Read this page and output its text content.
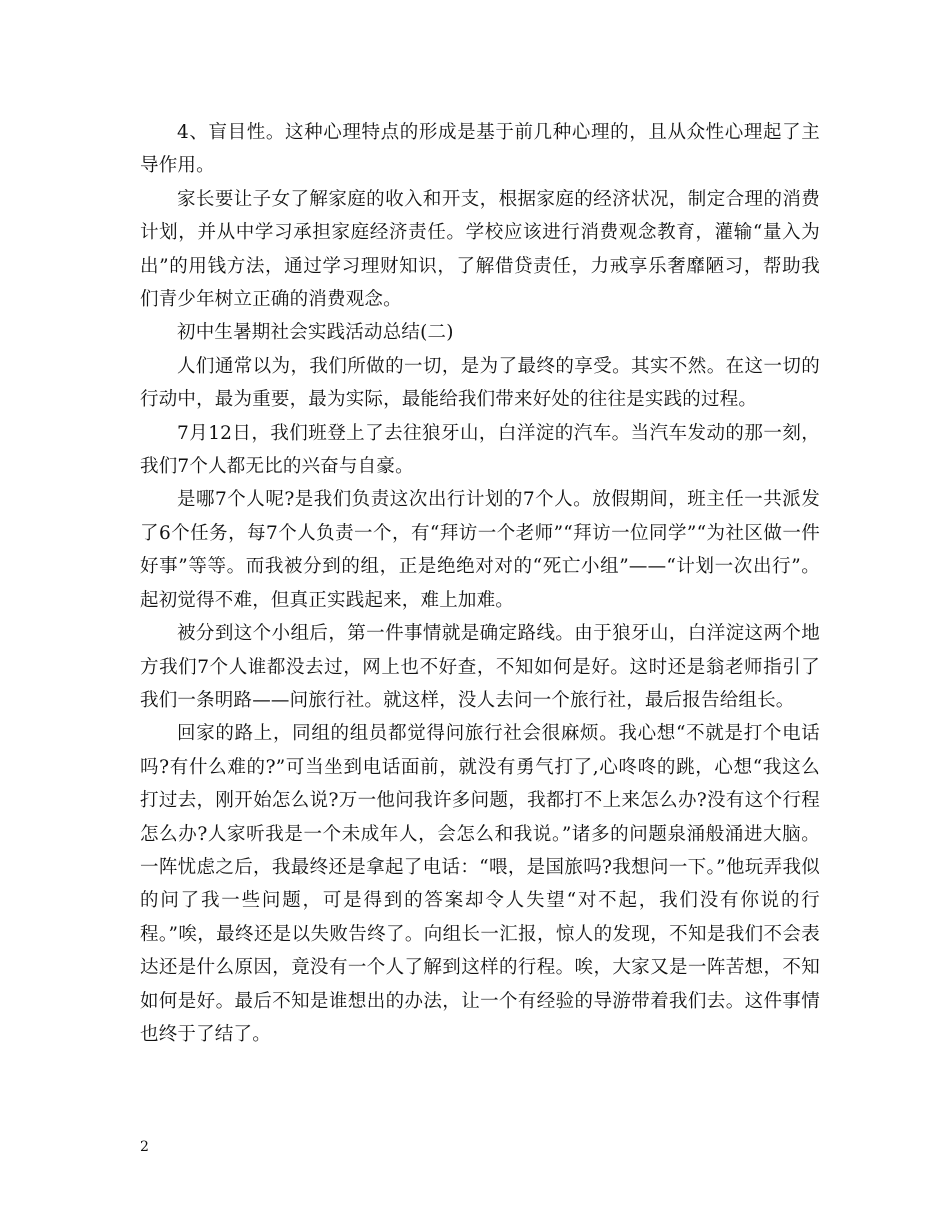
4、盲目性。这种心理特点的形成是基于前几种心理的，且从众性心理起了主导作用。

家长要让子女了解家庭的收入和开支，根据家庭的经济状况，制定合理的消费计划，并从中学习承担家庭经济责任。学校应该进行消费观念教育，灌输“量入为出”的用钱方法，通过学习理财知识，了解借贷责任，力戒享乐奢靡陋习，帮助我们青少年树立正确的消费观念。

初中生暑期社会实践活动总结(二)

人们通常以为，我们所做的一切，是为了最终的享受。其实不然。在这一切的行动中，最为重要，最为实际，最能给我们带来好处的往往是实践的过程。

7月12日，我们班登上了去往狼牙山，白洋淀的汽车。当汽车发动的那一刻，我们7个人都无比的兴奋与自豪。

是哪7个人呢?是我们负责这次出行计划的7个人。放假期间，班主任一共派发了6个任务，每7个人负责一个，有“拜访一个老师”“拜访一位同学”“为社区做一件好事”等等。而我被分到的组，正是绝绝对对的“死亡小组”——“计划一次出行”。起初觉得不难，但真正实践起来，难上加难。

被分到这个小组后，第一件事情就是确定路线。由于狼牙山，白洋淀这两个地方我们7个人谁都没去过，网上也不好查，不知如何是好。这时还是翁老师指引了我们一条明路——问旅行社。就这样，没人去问一个旅行社，最后报告给组长。

回家的路上，同组的组员都觉得问旅行社会很麻烦。我心想“不就是打个电话吗?有什么难的?”可当坐到电话面前，就没有勇气打了,心咚咚的跳，心想“我这么打过去，刚开始怎么说?万一他问我许多问题，我都打不上来怎么办?没有这个行程怎么办?人家听我是一个未成年人，会怎么和我说。”诸多的问题泉涌般涌进大脑。一阵忧虑之后，我最终还是拿起了电话：“喂，是国旅吗?我想问一下。”他玩弄我似的问了我一些问题，可是得到的答案却令人失望“对不起，我们没有你说的行程。”唉，最终还是以失败告终了。向组长一汇报，惊人的发现，不知是我们不会表达还是什么原因，竟没有一个人了解到这样的行程。唉，大家又是一阵苦想，不知如何是好。最后不知是谁想出的办法，让一个有经验的导游带着我们去。这件事情也终于了结了。

2
